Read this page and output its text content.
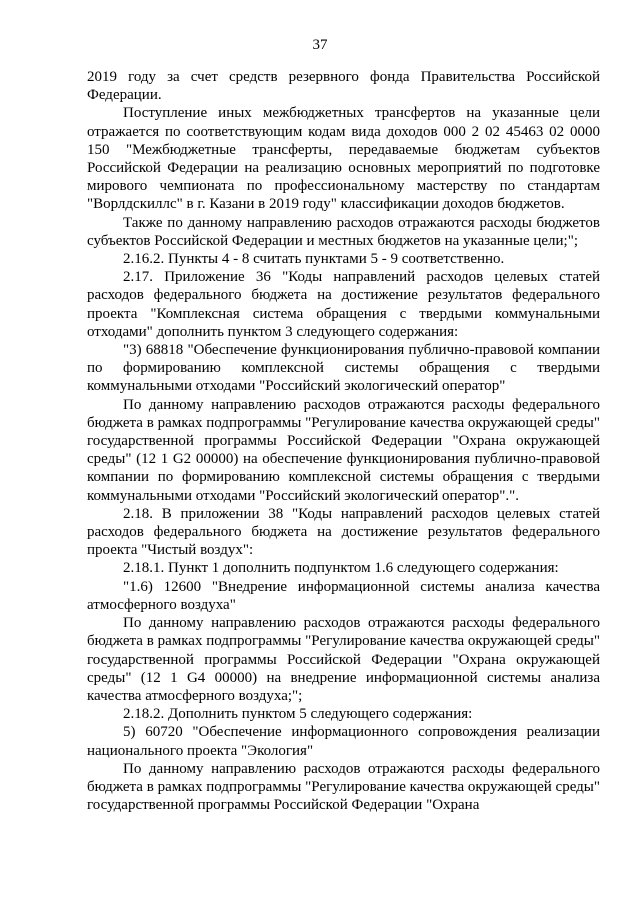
37

2019 году за счет средств резервного фонда Правительства Российской Федерации.

Поступление иных межбюджетных трансфертов на указанные цели отражается по соответствующим кодам вида доходов 000 2 02 45463 02 0000 150 "Межбюджетные трансферты, передаваемые бюджетам субъектов Российской Федерации на реализацию основных мероприятий по подготовке мирового чемпионата по профессиональному мастерству по стандартам "Ворлдскиллс" в г. Казани в 2019 году" классификации доходов бюджетов.

Также по данному направлению расходов отражаются расходы бюджетов субъектов Российской Федерации и местных бюджетов на указанные цели;";

2.16.2. Пункты 4 - 8 считать пунктами 5 - 9 соответственно.

2.17. Приложение 36 "Коды направлений расходов целевых статей расходов федерального бюджета на достижение результатов федерального проекта "Комплексная система обращения с твердыми коммунальными отходами" дополнить пунктом 3 следующего содержания:

"3) 68818 "Обеспечение функционирования публично-правовой компании по формированию комплексной системы обращения с твердыми коммунальными отходами "Российский экологический оператор"

По данному направлению расходов отражаются расходы федерального бюджета в рамках подпрограммы "Регулирование качества окружающей среды" государственной программы Российской Федерации "Охрана окружающей среды" (12 1 G2 00000) на обеспечение функционирования публично-правовой компании по формированию комплексной системы обращения с твердыми коммунальными отходами "Российский экологический оператор".".

2.18. В приложении 38 "Коды направлений расходов целевых статей расходов федерального бюджета на достижение результатов федерального проекта "Чистый воздух":

2.18.1. Пункт 1 дополнить подпунктом 1.6 следующего содержания:

"1.6) 12600 "Внедрение информационной системы анализа качества атмосферного воздуха"

По данному направлению расходов отражаются расходы федерального бюджета в рамках подпрограммы "Регулирование качества окружающей среды" государственной программы Российской Федерации "Охрана окружающей среды" (12 1 G4 00000) на внедрение информационной системы анализа качества атмосферного воздуха;";

2.18.2. Дополнить пунктом 5 следующего содержания:

5) 60720 "Обеспечение информационного сопровождения реализации национального проекта "Экология"

По данному направлению расходов отражаются расходы федерального бюджета в рамках подпрограммы "Регулирование качества окружающей среды" государственной программы Российской Федерации "Охрана
